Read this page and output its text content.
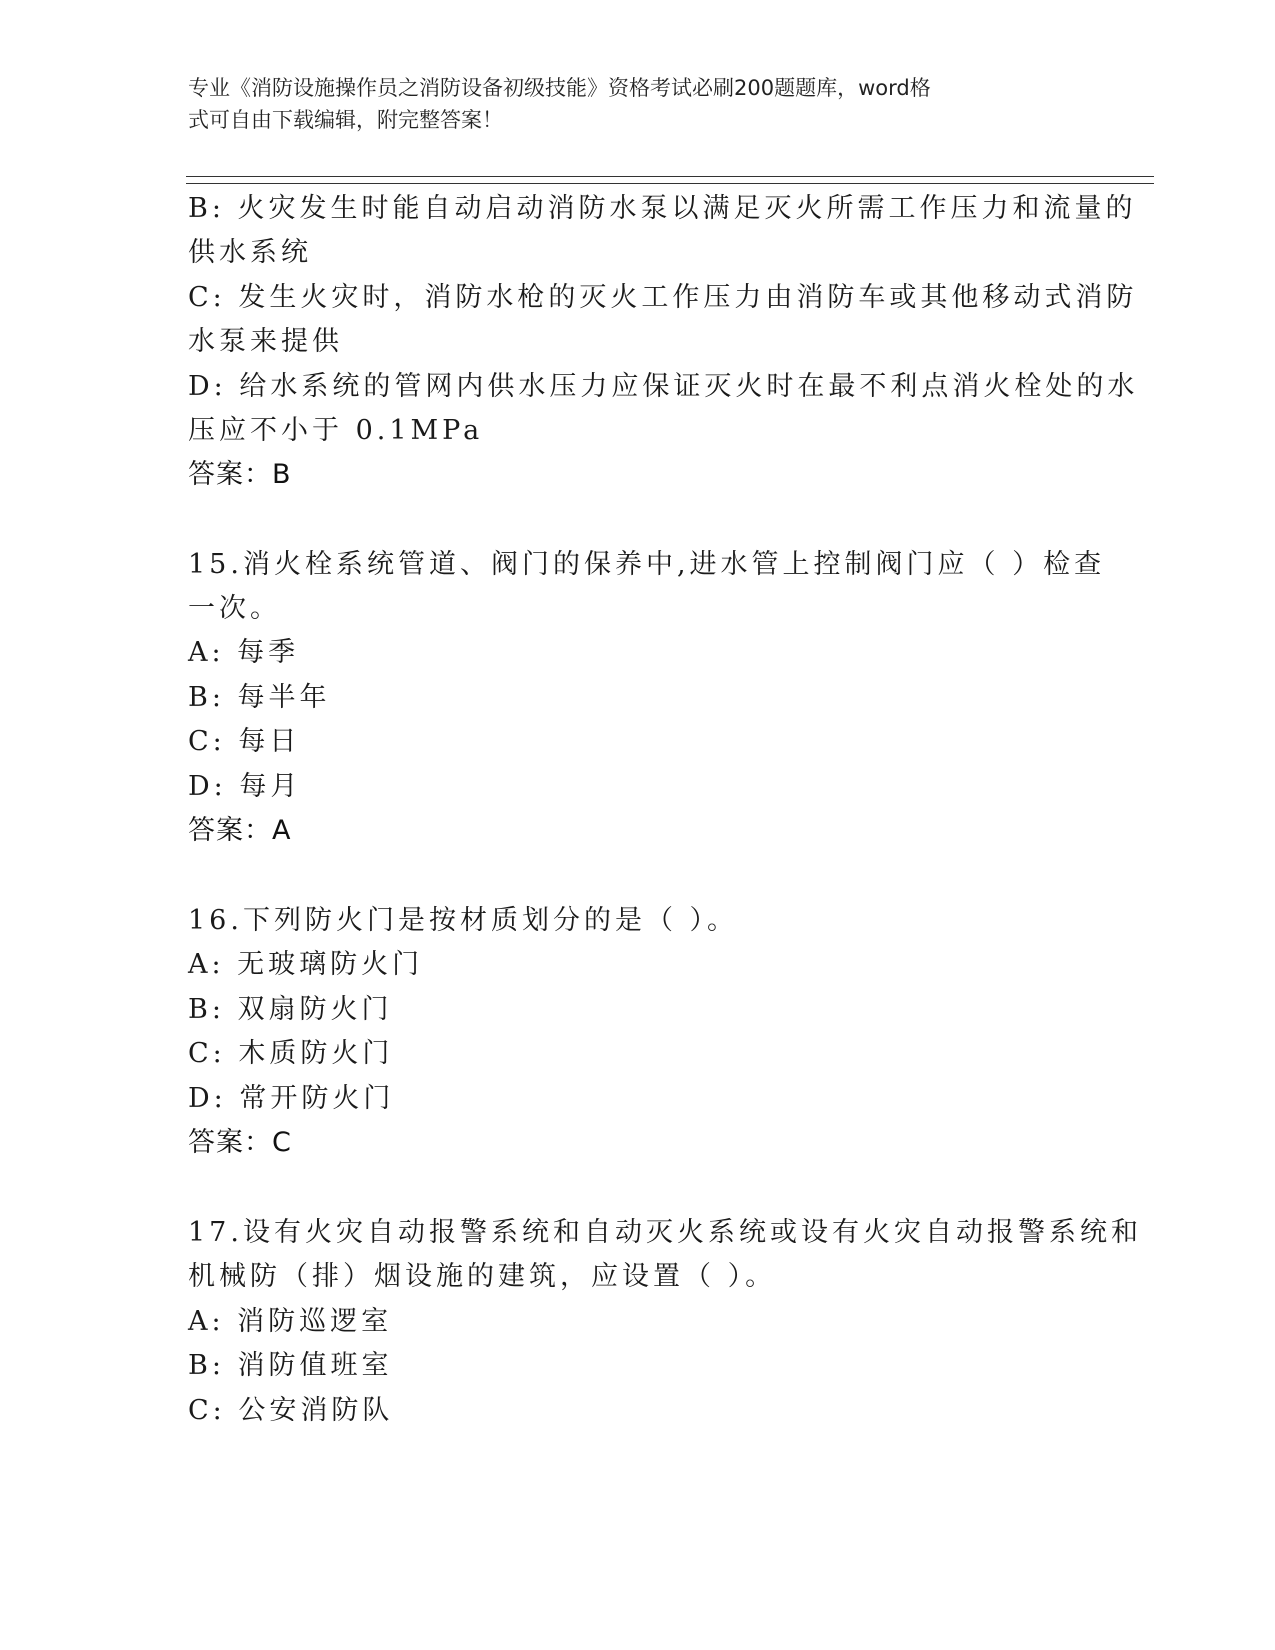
专业《消防设施操作员之消防设备初级技能》资格考试必刷200题题库，word格
式可自由下载编辑，附完整答案！
B: 火灾发生时能自动启动消防水泵以满足灭火所需工作压力和流量的
供水系统
C: 发生火灾时，消防水枪的灭火工作压力由消防车或其他移动式消防
水泵来提供
D: 给水系统的管网内供水压力应保证灭火时在最不利点消火栓处的水
压应不小于 0.1MPa
答案：B
15.消火栓系统管道、阀门的保养中,进水管上控制阀门应（ ）检查
一次。
A: 每季
B: 每半年
C: 每日
D: 每月
答案：A
16.下列防火门是按材质划分的是（ ）。
A: 无玻璃防火门
B: 双扇防火门
C: 木质防火门
D: 常开防火门
答案：C
17.设有火灾自动报警系统和自动灭火系统或设有火灾自动报警系统和
机械防（排）烟设施的建筑，应设置（ ）。
A: 消防巡逻室
B: 消防值班室
C: 公安消防队
